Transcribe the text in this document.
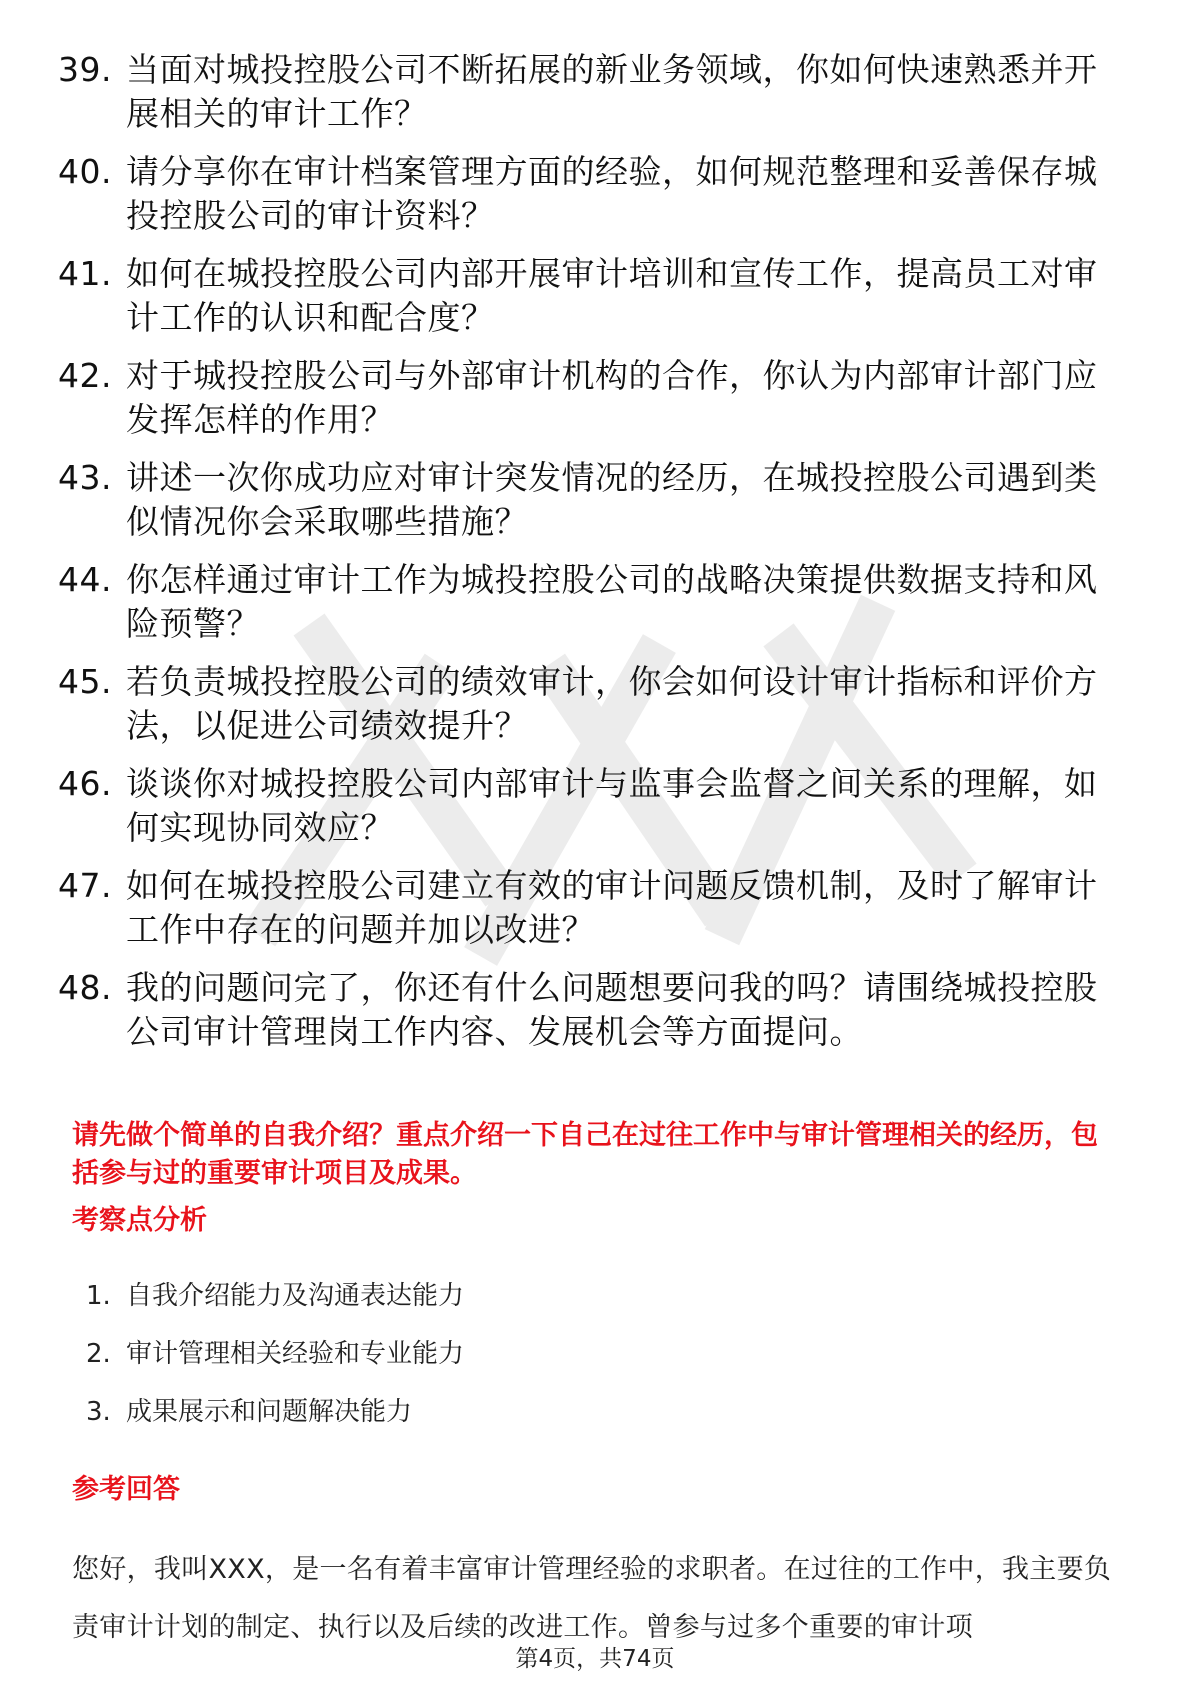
39. 当面对城投控股公司不断拓展的新业务领域，你如何快速熟悉并开展相关的审计工作？
40. 请分享你在审计档案管理方面的经验，如何规范整理和妥善保存城投控股公司的审计资料？
41. 如何在城投控股公司内部开展审计培训和宣传工作，提高员工对审计工作的认识和配合度？
42. 对于城投控股公司与外部审计机构的合作，你认为内部审计部门应发挥怎样的作用？
43. 讲述一次你成功应对审计突发情况的经历，在城投控股公司遇到类似情况你会采取哪些措施？
44. 你怎样通过审计工作为城投控股公司的战略决策提供数据支持和风险预警？
45. 若负责城投控股公司的绩效审计，你会如何设计审计指标和评价方法，以促进公司绩效提升？
46. 谈谈你对城投控股公司内部审计与监事会监督之间关系的理解，如何实现协同效应？
47. 如何在城投控股公司建立有效的审计问题反馈机制，及时了解审计工作中存在的问题并加以改进？
48. 我的问题问完了，你还有什么问题想要问我的吗？请围绕城投控股公司审计管理岗工作内容、发展机会等方面提问。
请先做个简单的自我介绍？重点介绍一下自己在过往工作中与审计管理相关的经历，包括参与过的重要审计项目及成果。
考察点分析
1. 自我介绍能力及沟通表达能力
2. 审计管理相关经验和专业能力
3. 成果展示和问题解决能力
参考回答
您好，我叫XXX，是一名有着丰富审计管理经验的求职者。在过往的工作中，我主要负责审计计划的制定、执行以及后续的改进工作。曾参与过多个重要的审计项
第4页，共74页
